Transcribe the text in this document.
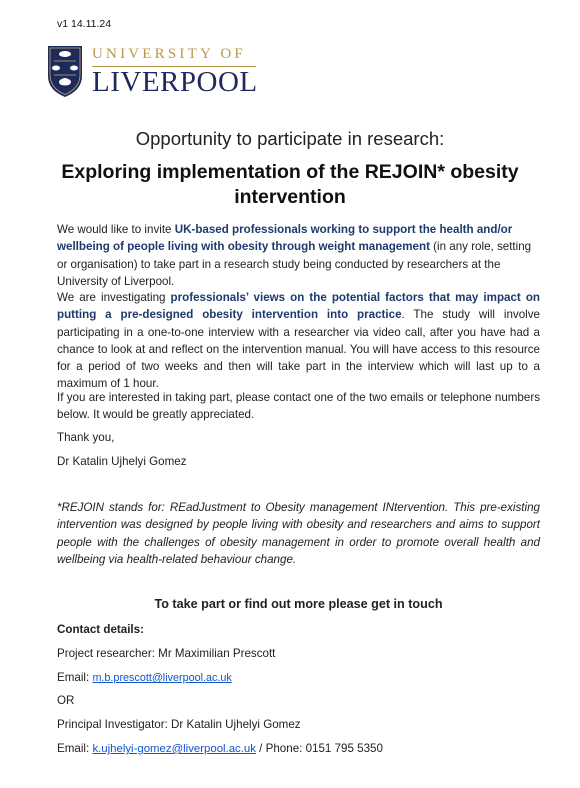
v1 14.11.24
UNIVERSITY OF
LIVERPOOL
Opportunity to participate in research:
Exploring implementation of the REJOIN* obesity intervention

We would like to invite UK-based professionals working to support the health and/or wellbeing of people living with obesity through weight management (in any role, setting or organisation) to take part in a research study being conducted by researchers at the University of Liverpool.

We are investigating professionals’ views on the potential factors that may impact on putting a pre-designed obesity intervention into practice. The study will involve participating in a one-to-one interview with a researcher via video call, after you have had a chance to look at and reflect on the intervention manual. You will have access to this resource for a period of two weeks and then will take part in the interview which will last up to a maximum of 1 hour.

If you are interested in taking part, please contact one of the two emails or telephone numbers below. It would be greatly appreciated.

Thank you,
Dr Katalin Ujhelyi Gomez
*REJOIN stands for: REadJustment to Obesity management INtervention. This pre-existing intervention was designed by people living with obesity and researchers and aims to support people with the challenges of obesity management in order to promote overall health and wellbeing via health-related behaviour change.
To take part or find out more please get in touch
Contact details:
Project researcher: Mr Maximilian Prescott
Email: m.b.prescott@liverpool.ac.uk
OR
Principal Investigator: Dr Katalin Ujhelyi Gomez
Email: k.ujhelyi-gomez@liverpool.ac.uk / Phone: 0151 795 5350
